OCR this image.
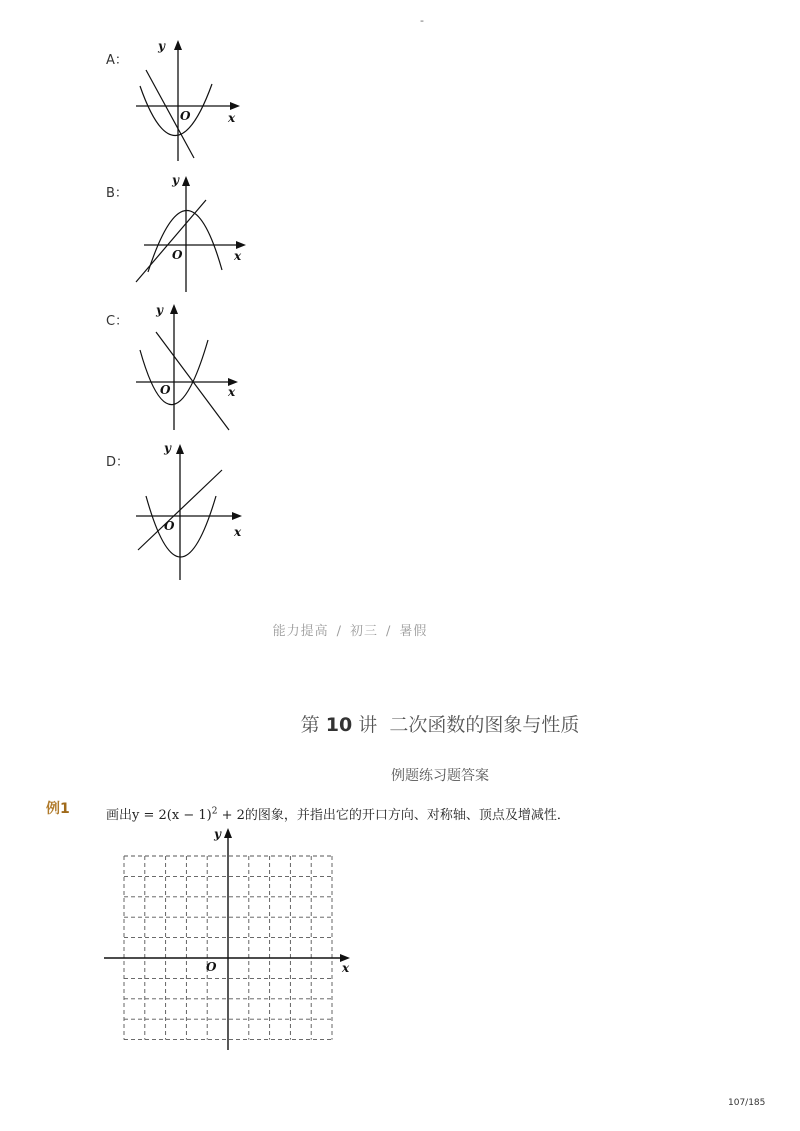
-
A：
x
y
O
B：
x
y
O
C：
x
y
O
D：
x
y
O
能力提高 / 初三 / 暑假
第 10 讲 二次函数的图象与性质
例题练习题答案
例1	画出$y = 2(x - 1)^2 + 2$的图象，并指出它的开口方向、对称轴、顶点及增减性．
x
y
O
107/185
